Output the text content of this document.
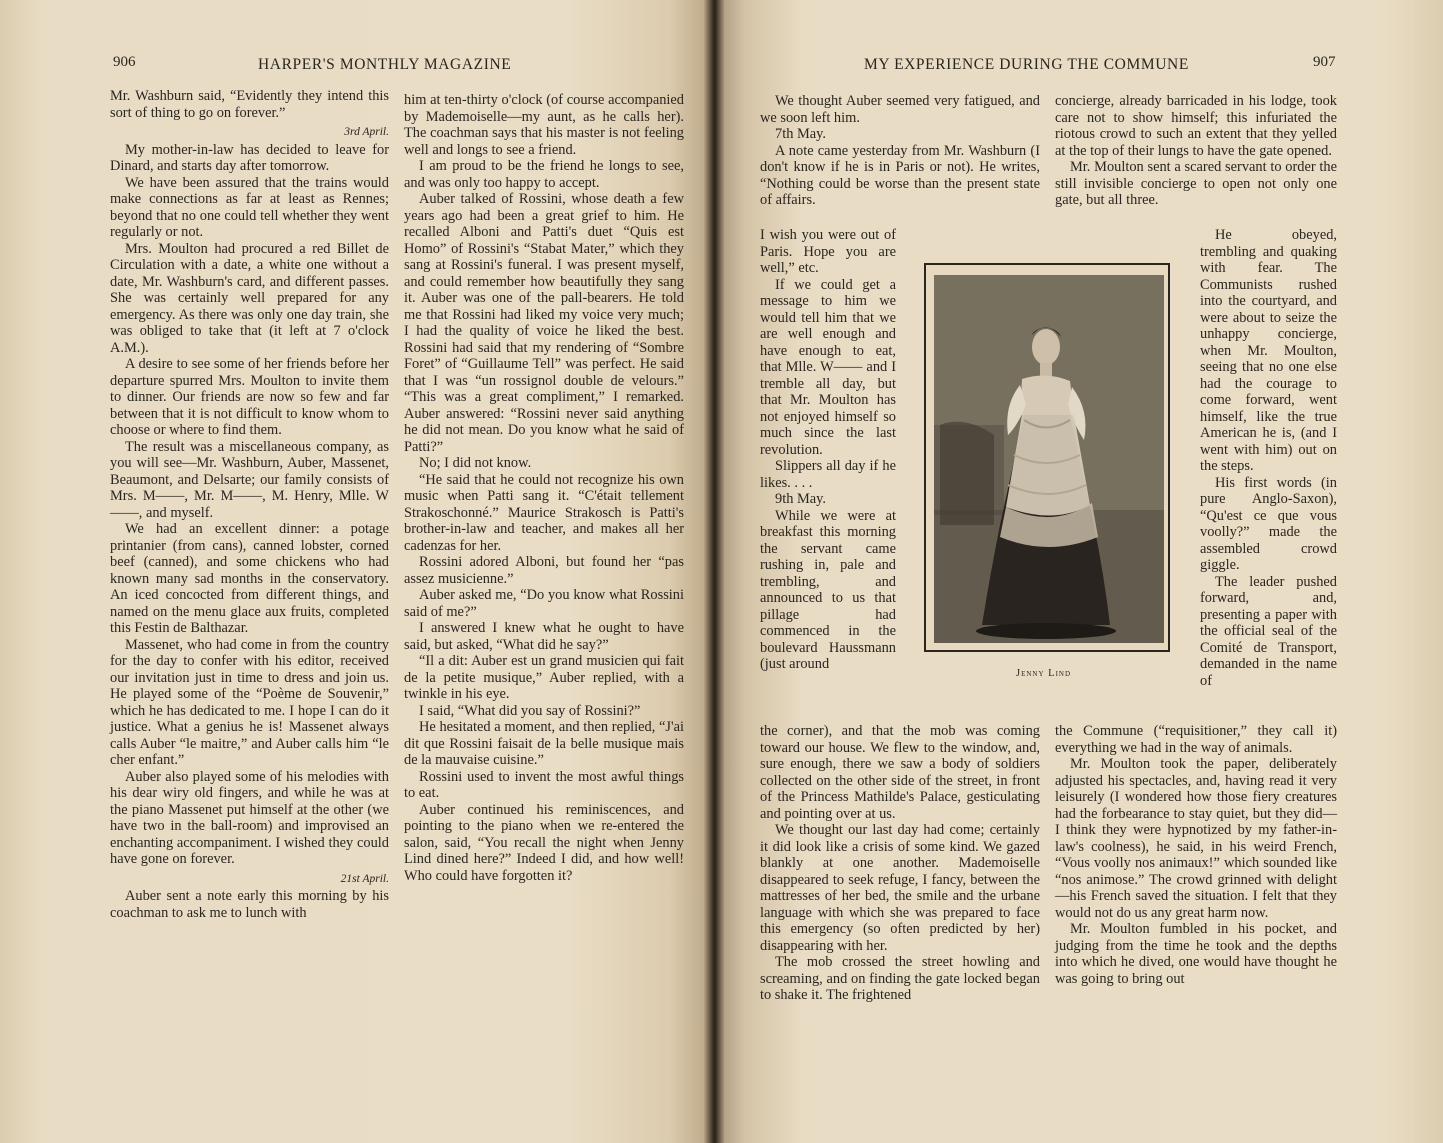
906	HARPER'S MONTHLY MAGAZINE

Mr. Washburn said, “Evidently they intend this sort of thing to go on forever.”

3rd April.

My mother-in-law has decided to leave for Dinard, and starts day after tomorrow.

We have been assured that the trains would make connections as far at least as Rennes; beyond that no one could tell whether they went regularly or not.

Mrs. Moulton had procured a red Billet de Circulation with a date, a white one without a date, Mr. Washburn's card, and different passes. She was certainly well prepared for any emergency. As there was only one day train, she was obliged to take that (it left at 7 o'clock A.M.).

A desire to see some of her friends before her departure spurred Mrs. Moulton to invite them to dinner. Our friends are now so few and far between that it is not difficult to know whom to choose or where to find them.

The result was a miscellaneous company, as you will see—Mr. Washburn, Auber, Massenet, Beaumont, and Delsarte; our family consists of Mrs. M——, Mr. M——, M. Henry, Mlle. W——, and myself.

We had an excellent dinner: a potage printanier (from cans), canned lobster, corned beef (canned), and some chickens who had known many sad months in the conservatory. An iced concocted from different things, and named on the menu glace aux fruits, completed this Festin de Balthazar.

Massenet, who had come in from the country for the day to confer with his editor, received our invitation just in time to dress and join us. He played some of the “Poème de Souvenir,” which he has dedicated to me. I hope I can do it justice. What a genius he is! Massenet always calls Auber “le maitre,” and Auber calls him “le cher enfant.”

Auber also played some of his melodies with his dear wiry old fingers, and while he was at the piano Massenet put himself at the other (we have two in the ball-room) and improvised an enchanting accompaniment. I wished they could have gone on forever.

21st April.

Auber sent a note early this morning by his coachman to ask me to lunch with

him at ten-thirty o'clock (of course accompanied by Mademoiselle—my aunt, as he calls her). The coachman says that his master is not feeling well and longs to see a friend.

I am proud to be the friend he longs to see, and was only too happy to accept.

Auber talked of Rossini, whose death a few years ago had been a great grief to him. He recalled Alboni and Patti's duet “Quis est Homo” of Rossini's “Stabat Mater,” which they sang at Rossini's funeral. I was present myself, and could remember how beautifully they sang it. Auber was one of the pall-bearers. He told me that Rossini had liked my voice very much; I had the quality of voice he liked the best. Rossini had said that my rendering of “Sombre Foret” of “Guillaume Tell” was perfect. He said that I was “un rossignol double de velours.” “This was a great compliment,” I remarked. Auber answered: “Rossini never said anything he did not mean. Do you know what he said of Patti?”

No; I did not know.

“He said that he could not recognize his own music when Patti sang it. “C'était tellement Strakoschonné.” Maurice Strakosch is Patti's brother-in-law and teacher, and makes all her cadenzas for her.

Rossini adored Alboni, but found her “pas assez musicienne.”

Auber asked me, “Do you know what Rossini said of me?”

I answered I knew what he ought to have said, but asked, “What did he say?”

“Il a dit: Auber est un grand musicien qui fait de la petite musique,” Auber replied, with a twinkle in his eye.

I said, “What did you say of Rossini?”

He hesitated a moment, and then replied, “J'ai dit que Rossini faisait de la belle musique mais de la mauvaise cuisine.”

Rossini used to invent the most awful things to eat.

Auber continued his reminiscences, and pointing to the piano when we re-entered the salon, said, “You recall the night when Jenny Lind dined here?” Indeed I did, and how well! Who could have forgotten it?

MY EXPERIENCE DURING THE COMMUNE	907

We thought Auber seemed very fatigued, and we soon left him.

7th May.

A note came yesterday from Mr. Washburn (I don't know if he is in Paris or not). He writes, “Nothing could be worse than the present state of affairs.

I wish you were out of Paris. Hope you are well,” etc.

If we could get a message to him we would tell him that we are well enough and have enough to eat, that Mlle. W—— and I tremble all day, but that Mr. Moulton has not enjoyed himself so much since the last revolution.

Slippers all day if he likes. . . .

9th May.

While we were at breakfast this morning the servant came rushing in, pale and trembling, and announced to us that pillage had commenced in the boulevard Haussmann (just around

the corner), and that the mob was coming toward our house. We flew to the window, and, sure enough, there we saw a body of soldiers collected on the other side of the street, in front of the Princess Mathilde's Palace, gesticulating and pointing over at us.

We thought our last day had come; certainly it did look like a crisis of some kind. We gazed blankly at one another. Mademoiselle disappeared to seek refuge, I fancy, between the mattresses of her bed, the smile and the urbane language with which she was prepared to face this emergency (so often predicted by her) disappearing with her.

The mob crossed the street howling and screaming, and on finding the gate locked began to shake it. The frightened

concierge, already barricaded in his lodge, took care not to show himself; this infuriated the riotous crowd to such an extent that they yelled at the top of their lungs to have the gate opened.

Mr. Moulton sent a scared servant to order the still invisible concierge to open not only one gate, but all three.

He obeyed, trembling and quaking with fear. The Communists rushed into the courtyard, and were about to seize the unhappy concierge, when Mr. Moulton, seeing that no one else had the courage to come forward, went himself, like the true American he is, (and I went with him) out on the steps.

His first words (in pure Anglo-Saxon), “Qu'est ce que vous voolly?” made the assembled crowd giggle.

The leader pushed forward, and, presenting a paper with the official seal of the Comité de Transport, demanded in the name of

the Commune (“requisitioner,” they call it) everything we had in the way of animals.

Mr. Moulton took the paper, deliberately adjusted his spectacles, and, having read it very leisurely (I wondered how those fiery creatures had the forbearance to stay quiet, but they did—I think they were hypnotized by my father-in-law's coolness), he said, in his weird French, “Vous voolly nos animaux!” which sounded like “nos animose.” The crowd grinned with delight—his French saved the situation. I felt that they would not do us any great harm now.

Mr. Moulton fumbled in his pocket, and judging from the time he took and the depths into which he dived, one would have thought he was going to bring out

Jenny Lind
